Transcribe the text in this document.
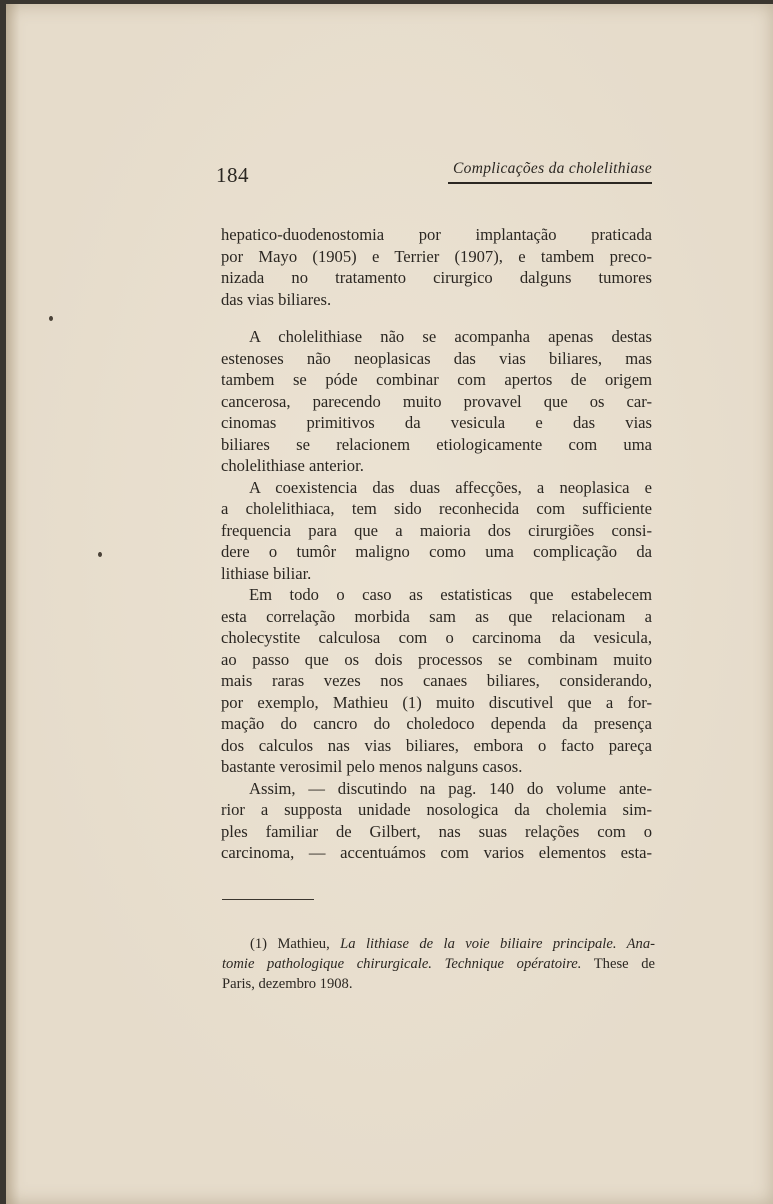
184	Complicações da cholelithiase
hepatico-duodenostomia por implantação praticada
por Mayo (1905) e Terrier (1907), e tambem preco-
nizada no tratamento cirurgico dalguns tumores
das vias biliares.
A cholelithiase não se acompanha apenas destas
estenoses não neoplasicas das vias biliares, mas
tambem se póde combinar com apertos de origem
cancerosa, parecendo muito provavel que os car-
cinomas primitivos da vesicula e das vias
biliares se relacionem etiologicamente com uma
cholelithiase anterior.
A coexistencia das duas affecções, a neoplasica e
a cholelithiaca, tem sido reconhecida com sufficiente
frequencia para que a maioria dos cirurgiões consi-
dere o tumôr maligno como uma complicação da
lithiase biliar.
Em todo o caso as estatisticas que estabelecem
esta correlação morbida sam as que relacionam a
cholecystite calculosa com o carcinoma da vesicula,
ao passo que os dois processos se combinam muito
mais raras vezes nos canaes biliares, considerando,
por exemplo, Mathieu (1) muito discutivel que a for-
mação do cancro do choledoco dependa da presença
dos calculos nas vias biliares, embora o facto pareça
bastante verosimil pelo menos nalguns casos.
Assim, — discutindo na pag. 140 do volume ante-
rior a supposta unidade nosologica da cholemia sim-
ples familiar de Gilbert, nas suas relações com o
carcinoma, — accentuámos com varios elementos esta-
(1) Mathieu, La lithiase de la voie biliaire principale. Ana-
tomie pathologique chirurgicale. Technique opératoire. These de
Paris, dezembro 1908.
